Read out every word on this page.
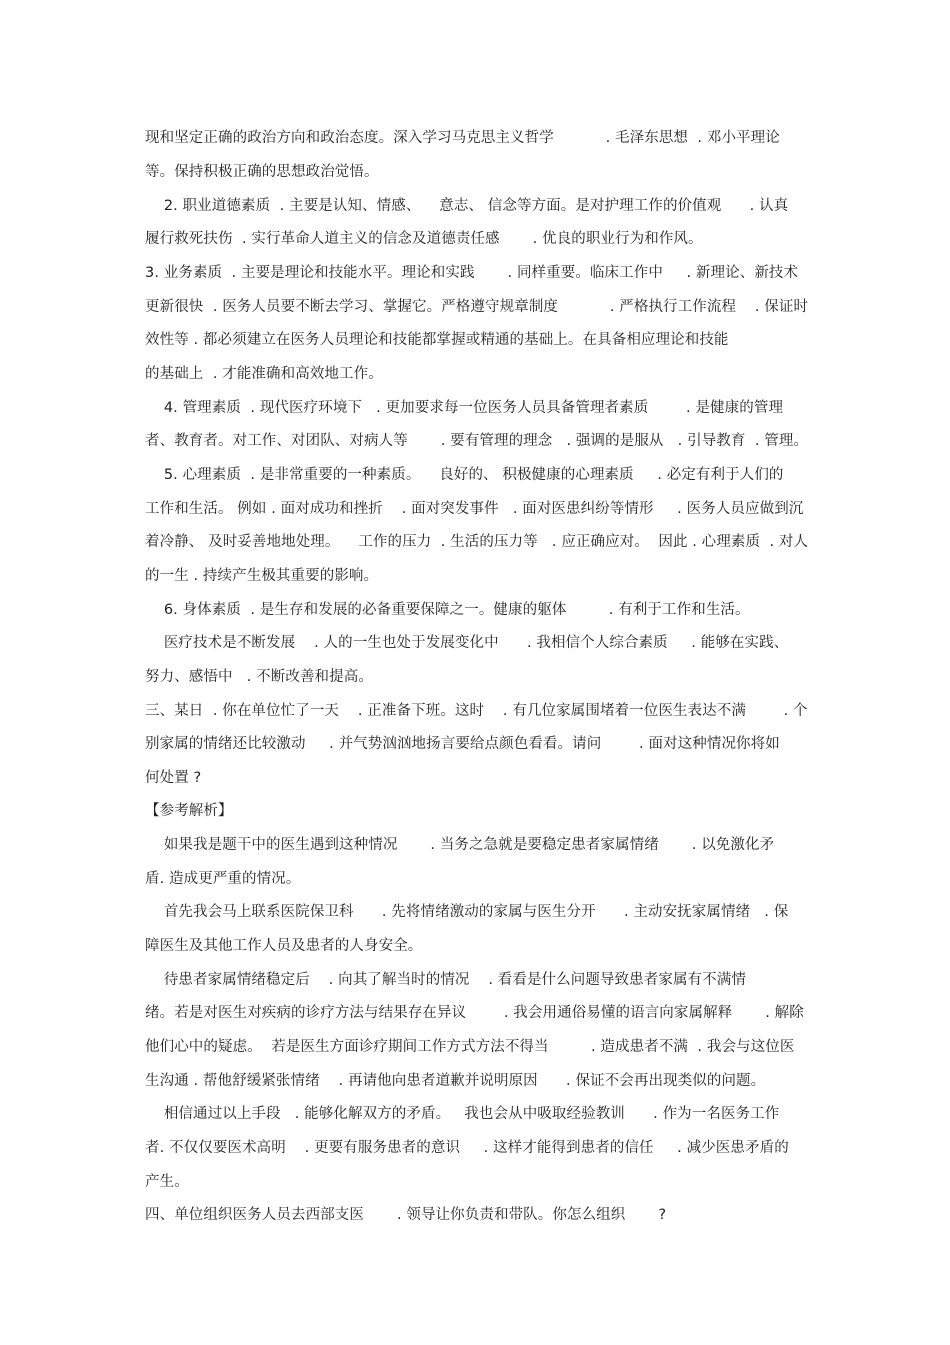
现和坚定正确的政治方向和政治态度。深入学习马克思主义哲学           . 毛泽东思想  . 邓小平理论
等。保持积极正确的思想政治觉悟。
2. 职业道德素质  . 主要是认知、情感、    意志、 信念等方面。是对护理工作的价值观      . 认真
履行救死扶伤  . 实行革命人道主义的信念及道德责任感       . 优良的职业行为和作风。
3. 业务素质  . 主要是理论和技能水平。理论和实践       . 同样重要。临床工作中     . 新理论、新技术
更新很快  . 医务人员要不断去学习、掌握它。严格遵守规章制度           . 严格执行工作流程    . 保证时
效性等 . 都必须建立在医务人员理论和技能都掌握或精通的基础上。在具备相应理论和技能
的基础上  . 才能准确和高效地工作。
4. 管理素质  . 现代医疗环境下   . 更加要求每一位医务人员具备管理者素质        . 是健康的管理
者、教育者。对工作、对团队、对病人等       . 要有管理的理念   . 强调的是服从   . 引导教育  . 管理。
5. 心理素质  . 是非常重要的一种素质。    良好的、 积极健康的心理素质     . 必定有利于人们的
工作和生活。 例如 . 面对成功和挫折    . 面对突发事件   . 面对医患纠纷等情形     . 医务人员应做到沉
着冷静、 及时妥善地地处理。    工作的压力  . 生活的压力等   . 应正确应对。  因此 . 心理素质  . 对人
的一生 . 持续产生极其重要的影响。
6. 身体素质  . 是生存和发展的必备重要保障之一。健康的躯体         . 有利于工作和生活。
医疗技术是不断发展    . 人的一生也处于发展变化中      . 我相信个人综合素质     . 能够在实践、
努力、感悟中   . 不断改善和提高。
三、某日  . 你在单位忙了一天    . 正准备下班。这时    . 有几位家属围堵着一位医生表达不满        . 个
别家属的情绪还比较激动     . 并气势汹汹地扬言要给点颜色看看。请问        . 面对这种情况你将如
何处置 ?
【参考解析】
如果我是题干中的医生遇到这种情况       . 当务之急就是要稳定患者家属情绪       . 以免激化矛
盾. 造成更严重的情况。
首先我会马上联系医院保卫科      . 先将情绪激动的家属与医生分开      . 主动安抚家属情绪   . 保
障医生及其他工作人员及患者的人身安全。
待患者家属情绪稳定后    . 向其了解当时的情况    . 看看是什么问题导致患者家属有不满情
绪。若是对医生对疾病的诊疗方法与结果存在异议        . 我会用通俗易懂的语言向家属解释       . 解除
他们心中的疑虑。  若是医生方面诊疗期间工作方式方法不得当         . 造成患者不满  . 我会与这位医
生沟通 . 帮他舒缓紧张情绪    . 再请他向患者道歉并说明原因      . 保证不会再出现类似的问题。
相信通过以上手段   . 能够化解双方的矛盾。   我也会从中吸取经验教训      . 作为一名医务工作
者. 不仅仅要医术高明    . 更要有服务患者的意识     . 这样才能得到患者的信任     . 减少医患矛盾的
产生。
四、单位组织医务人员去西部支医       . 领导让你负责和带队。你怎么组织       ?
